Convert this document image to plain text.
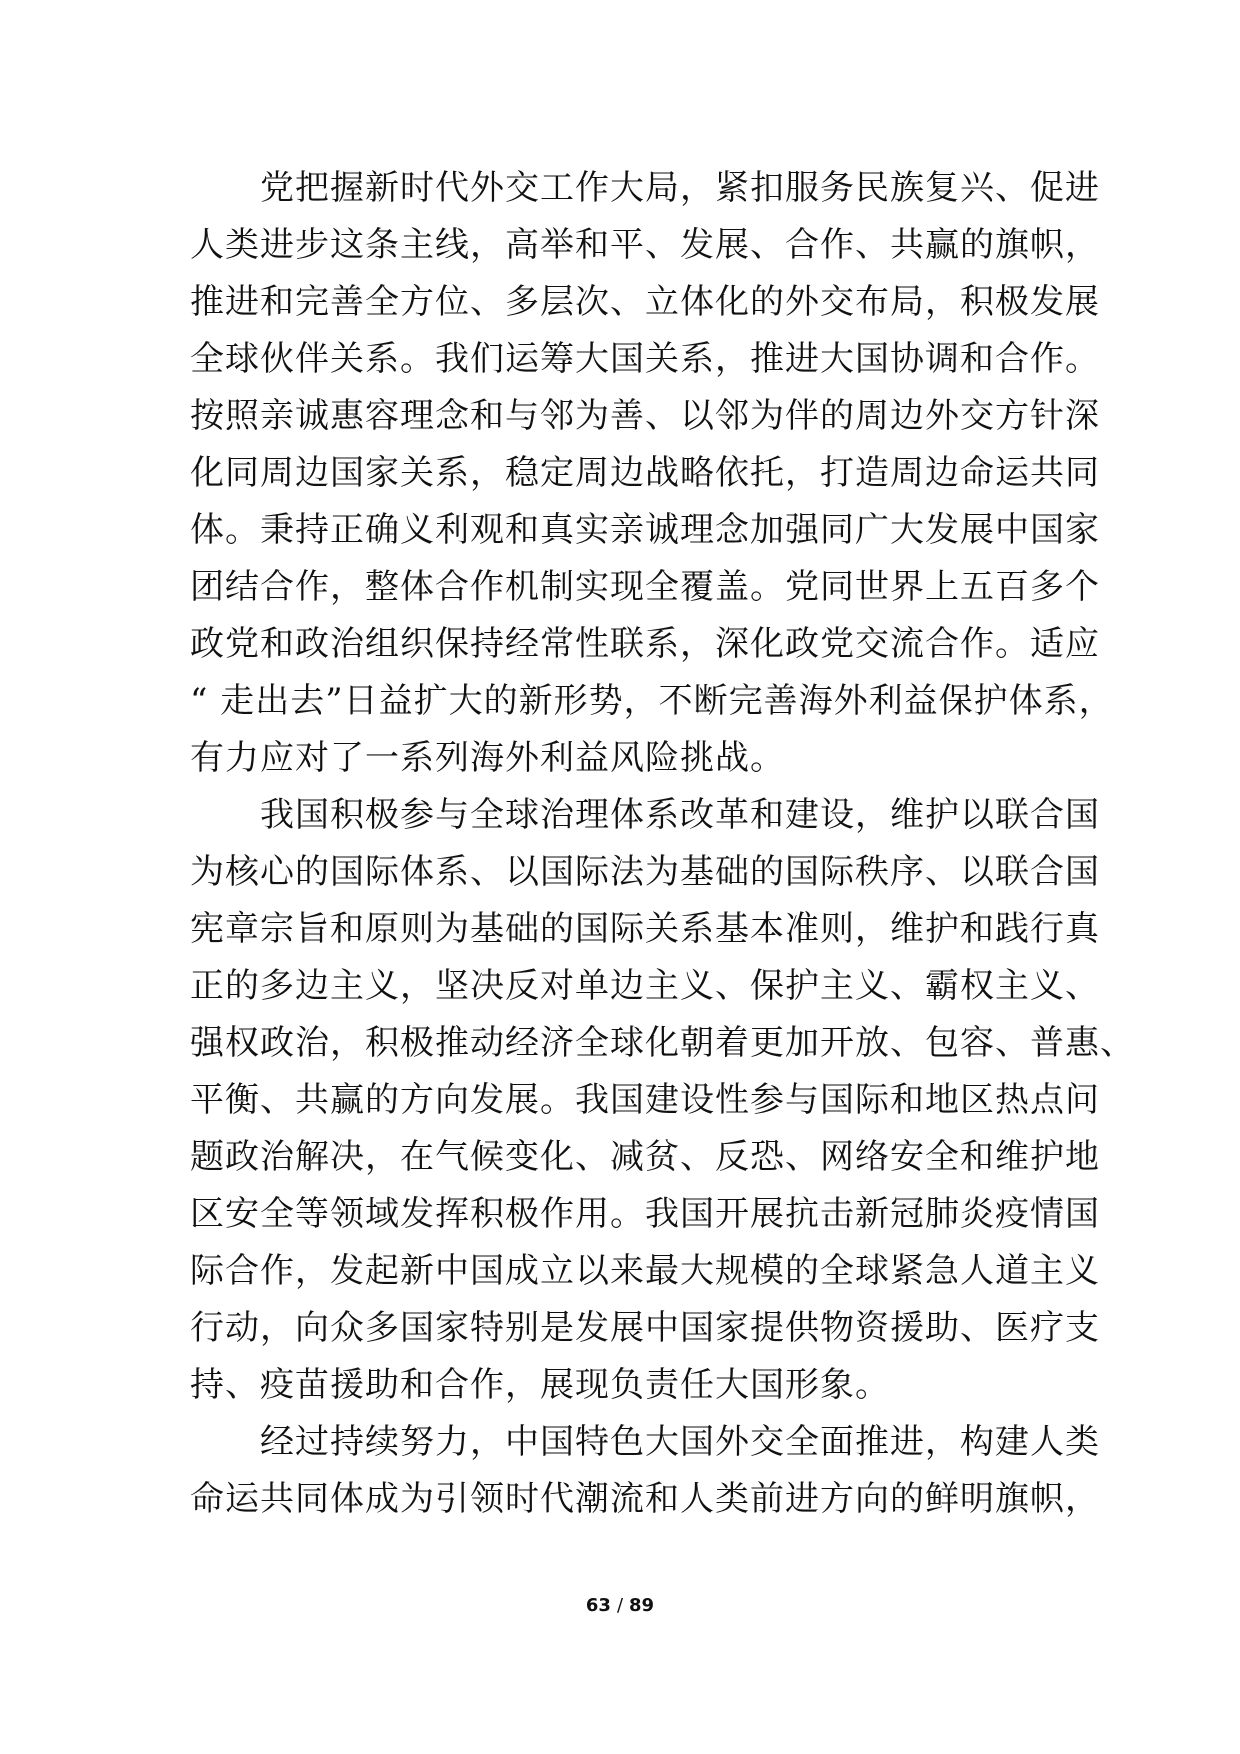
　　党把握新时代外交工作大局，紧扣服务民族复兴、促进
人类进步这条主线，高举和平、发展、合作、共赢的旗帜，
推进和完善全方位、多层次、立体化的外交布局，积极发展
全球伙伴关系。我们运筹大国关系，推进大国协调和合作。
按照亲诚惠容理念和与邻为善、以邻为伴的周边外交方针深
化同周边国家关系，稳定周边战略依托，打造周边命运共同
体。秉持正确义利观和真实亲诚理念加强同广大发展中国家
团结合作，整体合作机制实现全覆盖。党同世界上五百多个
政党和政治组织保持经常性联系，深化政党交流合作。适应
“ 走出去”日益扩大的新形势，不断完善海外利益保护体系，
有力应对了一系列海外利益风险挑战。
　　我国积极参与全球治理体系改革和建设，维护以联合国
为核心的国际体系、以国际法为基础的国际秩序、以联合国
宪章宗旨和原则为基础的国际关系基本准则，维护和践行真
正的多边主义，坚决反对单边主义、保护主义、霸权主义、
强权政治，积极推动经济全球化朝着更加开放、包容、普惠、
平衡、共赢的方向发展。我国建设性参与国际和地区热点问
题政治解决，在气候变化、减贫、反恐、网络安全和维护地
区安全等领域发挥积极作用。我国开展抗击新冠肺炎疫情国
际合作，发起新中国成立以来最大规模的全球紧急人道主义
行动，向众多国家特别是发展中国家提供物资援助、医疗支
持、疫苗援助和合作，展现负责任大国形象。
　　经过持续努力，中国特色大国外交全面推进，构建人类
命运共同体成为引领时代潮流和人类前进方向的鲜明旗帜，
63 / 89
